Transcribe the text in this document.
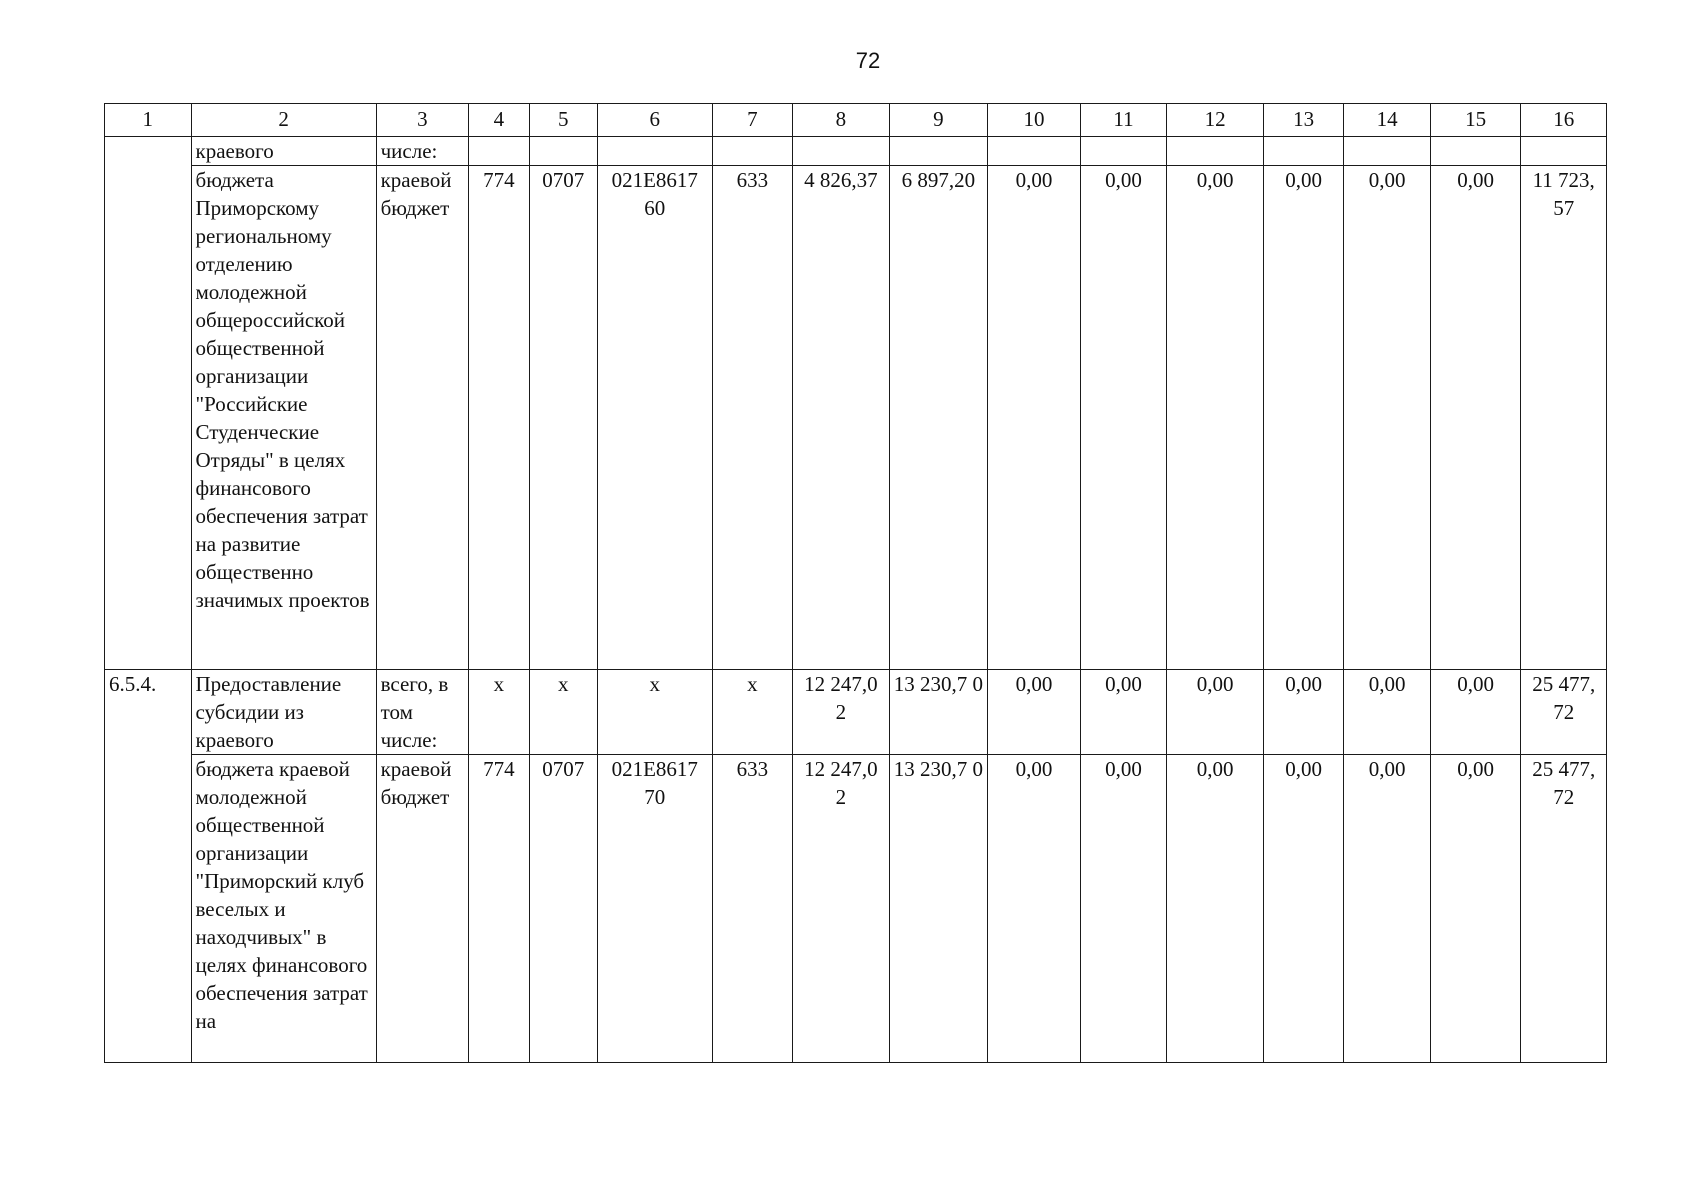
72
1	2	3	4	5	6	7	8	9	10	11	12	13	14	15	16
	краевого	числе:													
	бюджета Приморскому региональному отделению молодежной общероссийской общественной организации "Российские Студенческие Отряды" в целях финансового обеспечения затрат на развитие общественно значимых проектов	краевой бюджет	774	0707	021E8617 60	633	4 826,37	6 897,20	0,00	0,00	0,00	0,00	0,00	0,00	11 723, 57
6.5.4.	Предоставление субсидии из краевого	всего, в том числе:	x	x	x	x	12 247,0 2	13 230,7 0	0,00	0,00	0,00	0,00	0,00	0,00	25 477, 72
	бюджета краевой молодежной общественной организации "Приморский клуб веселых и находчивых" в целях финансового обеспечения затрат на	краевой бюджет	774	0707	021E8617 70	633	12 247,0 2	13 230,7 0	0,00	0,00	0,00	0,00	0,00	0,00	25 477, 72
